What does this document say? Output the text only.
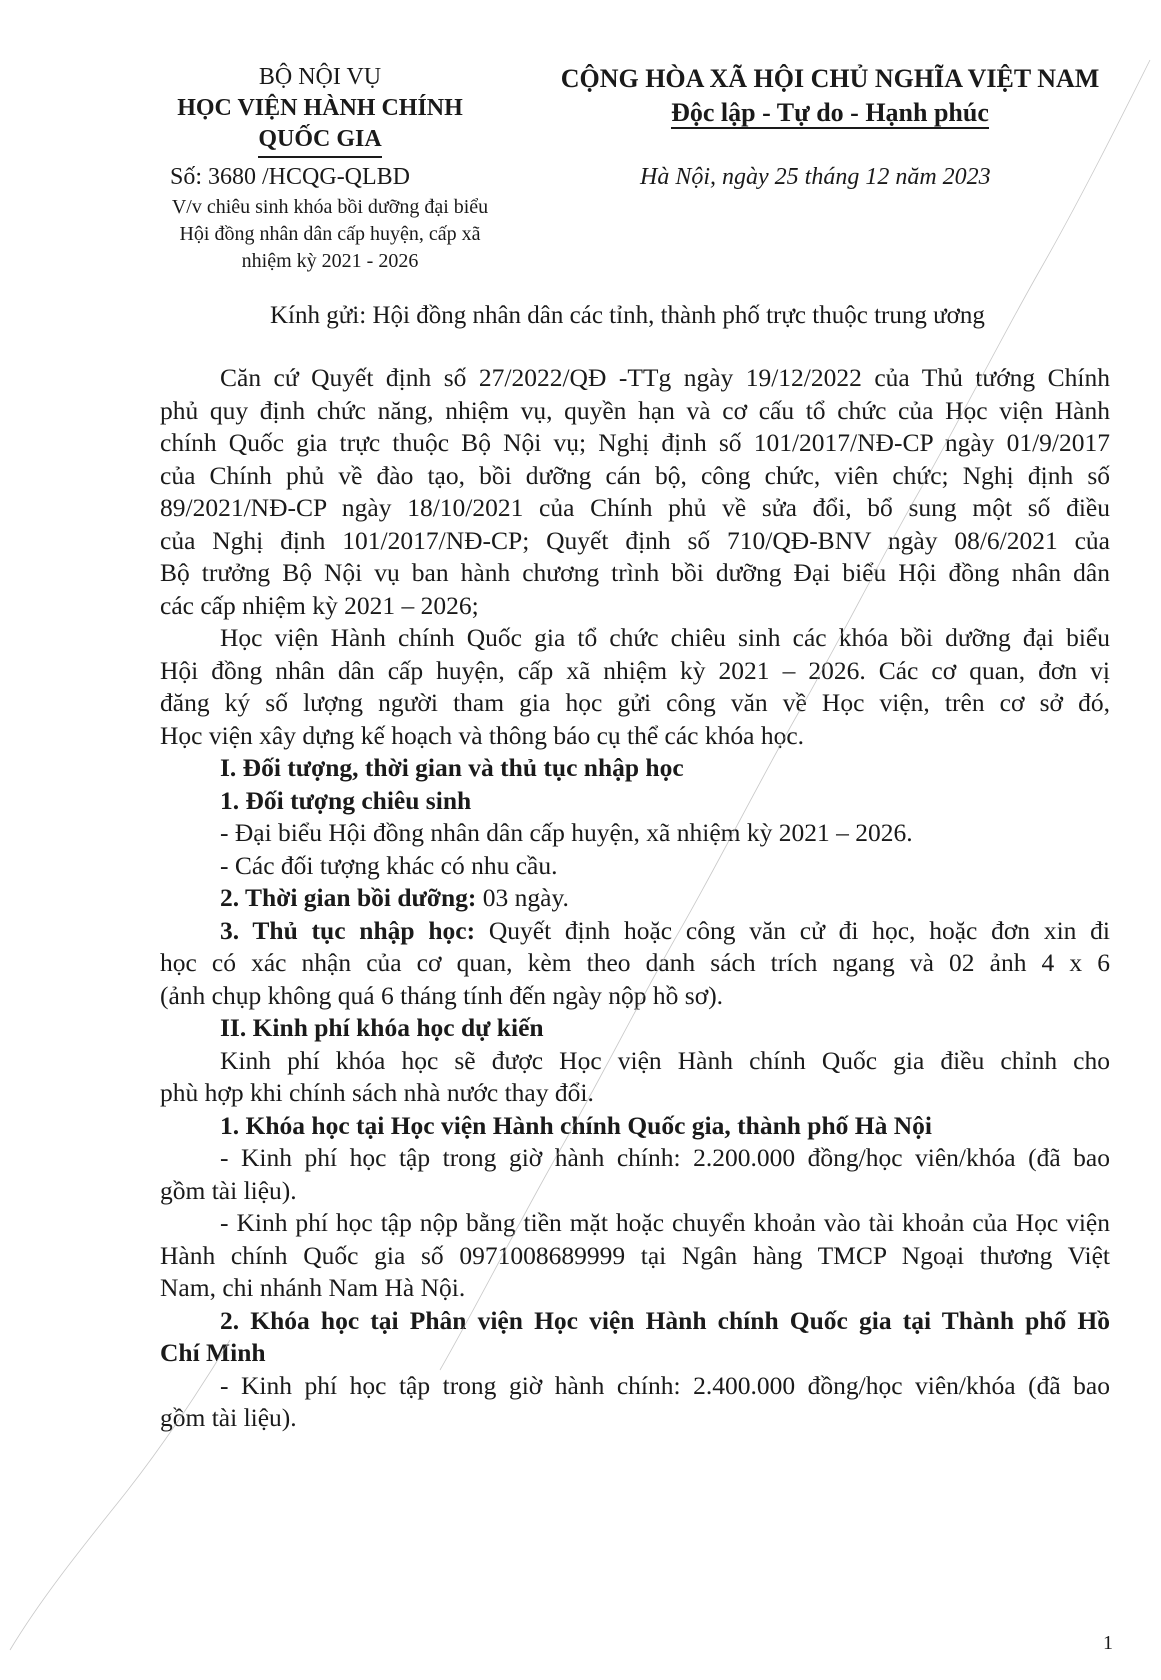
BỘ NỘI VỤ
HỌC VIỆN HÀNH CHÍNH
QUỐC GIA
Số: 3680 /HCQG-QLBD
V/v chiêu sinh khóa bồi dưỡng đại biểu
Hội đồng nhân dân cấp huyện, cấp xã
nhiệm kỳ 2021 - 2026
CỘNG HÒA XÃ HỘI CHỦ NGHĨA VIỆT NAM
Độc lập - Tự do - Hạnh phúc
Hà Nội, ngày 25 tháng 12 năm 2023
Kính gửi: Hội đồng nhân dân các tỉnh, thành phố trực thuộc trung ương
Căn cứ Quyết định số 27/2022/QĐ -TTg ngày 19/12/2022 của Thủ tướng Chính
phủ quy định chức năng, nhiệm vụ, quyền hạn và cơ cấu tổ chức của Học viện Hành
chính Quốc gia trực thuộc Bộ Nội vụ; Nghị định số 101/2017/NĐ-CP ngày 01/9/2017
của Chính phủ về đào tạo, bồi dưỡng cán bộ, công chức, viên chức; Nghị định số
89/2021/NĐ-CP ngày 18/10/2021 của Chính phủ về sửa đổi, bổ sung một số điều
của Nghị định 101/2017/NĐ-CP; Quyết định số 710/QĐ-BNV ngày 08/6/2021 của
Bộ trưởng Bộ Nội vụ ban hành chương trình bồi dưỡng Đại biểu Hội đồng nhân dân
các cấp nhiệm kỳ 2021 – 2026;
Học viện Hành chính Quốc gia tổ chức chiêu sinh các khóa bồi dưỡng đại biểu
Hội đồng nhân dân cấp huyện, cấp xã nhiệm kỳ 2021 – 2026. Các cơ quan, đơn vị
đăng ký số lượng người tham gia học gửi công văn về Học viện, trên cơ sở đó,
Học viện xây dựng kế hoạch và thông báo cụ thể các khóa học.
I. Đối tượng, thời gian và thủ tục nhập học
1. Đối tượng chiêu sinh
- Đại biểu Hội đồng nhân dân cấp huyện, xã nhiệm kỳ 2021 – 2026.
- Các đối tượng khác có nhu cầu.
2. Thời gian bồi dưỡng: 03 ngày.
3. Thủ tục nhập học: Quyết định hoặc công văn cử đi học, hoặc đơn xin đi
học có xác nhận của cơ quan, kèm theo danh sách trích ngang và 02 ảnh 4 x 6
(ảnh chụp không quá 6 tháng tính đến ngày nộp hồ sơ).
II. Kinh phí khóa học dự kiến
Kinh phí khóa học sẽ được Học viện Hành chính Quốc gia điều chỉnh cho
phù hợp khi chính sách nhà nước thay đổi.
1. Khóa học tại Học viện Hành chính Quốc gia, thành phố Hà Nội
- Kinh phí học tập trong giờ hành chính: 2.200.000 đồng/học viên/khóa (đã bao
gồm tài liệu).
- Kinh phí học tập nộp bằng tiền mặt hoặc chuyển khoản vào tài khoản của Học viện
Hành chính Quốc gia số 0971008689999 tại Ngân hàng TMCP Ngoại thương Việt
Nam, chi nhánh Nam Hà Nội.
2. Khóa học tại Phân viện Học viện Hành chính Quốc gia tại Thành phố Hồ
Chí Minh
- Kinh phí học tập trong giờ hành chính: 2.400.000 đồng/học viên/khóa (đã bao
gồm tài liệu).
1
